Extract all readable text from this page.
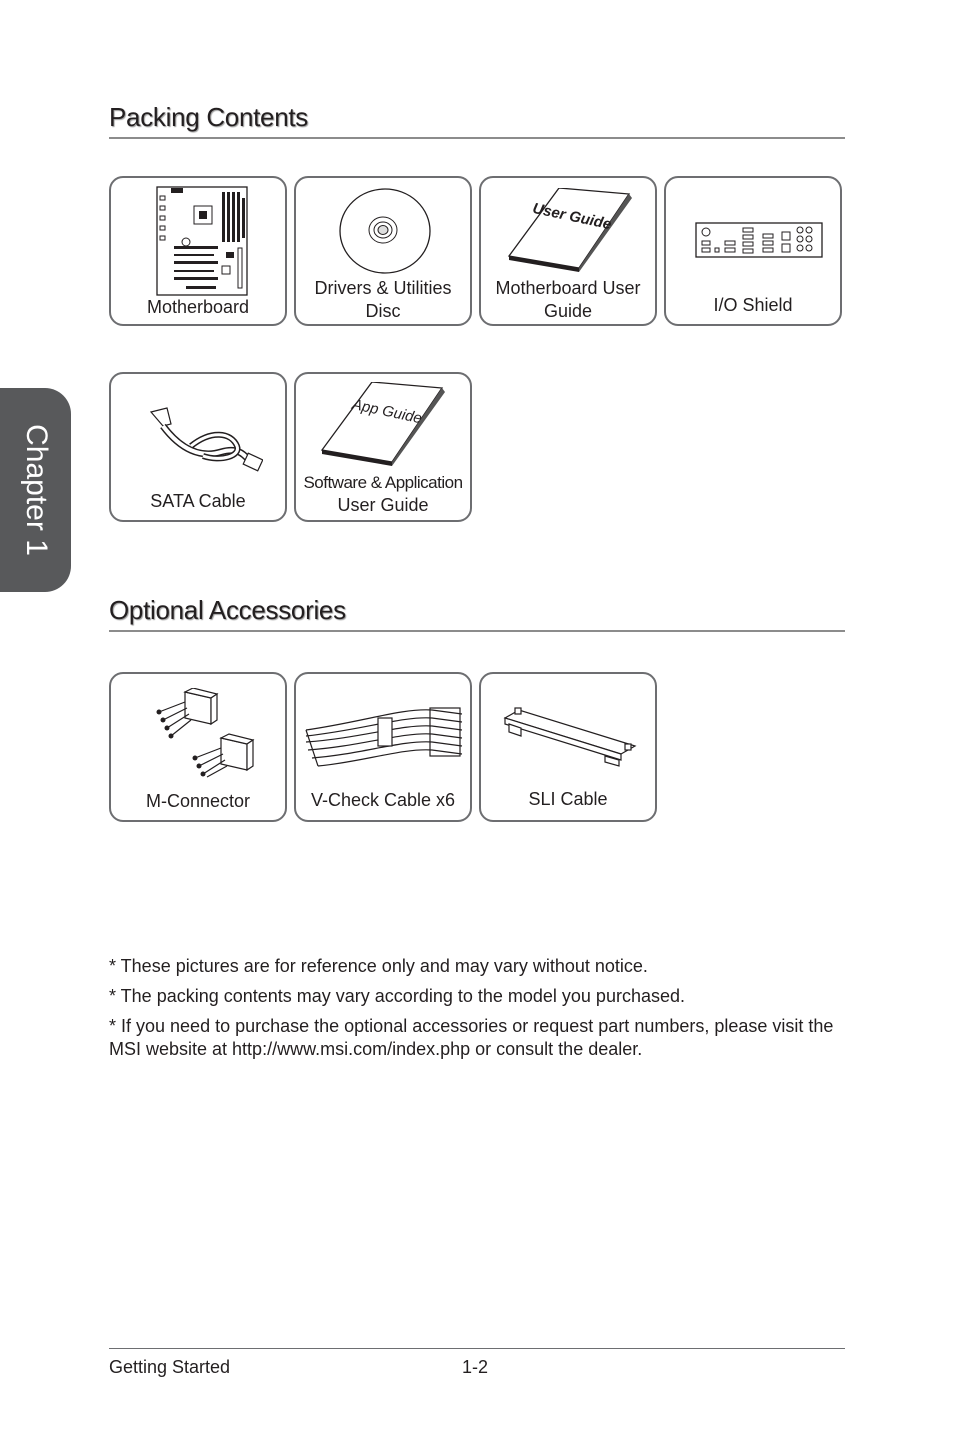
Chapter 1
Packing Contents
Motherboard
Drivers & Utilities Disc
User Guide
Motherboard User Guide	I/O Shield
SATA Cable
App Guide
Software & Application
User Guide
Optional Accessories
M-Connector	V-Check Cable x6	SLI Cable

* These pictures are for reference only and may vary without notice.

* The packing contents may vary according to the model you purchased.

* If you need to purchase the optional accessories or request part numbers, please visit the MSI website at http://www.msi.com/index.php or consult the dealer.

Getting Started	1-2
